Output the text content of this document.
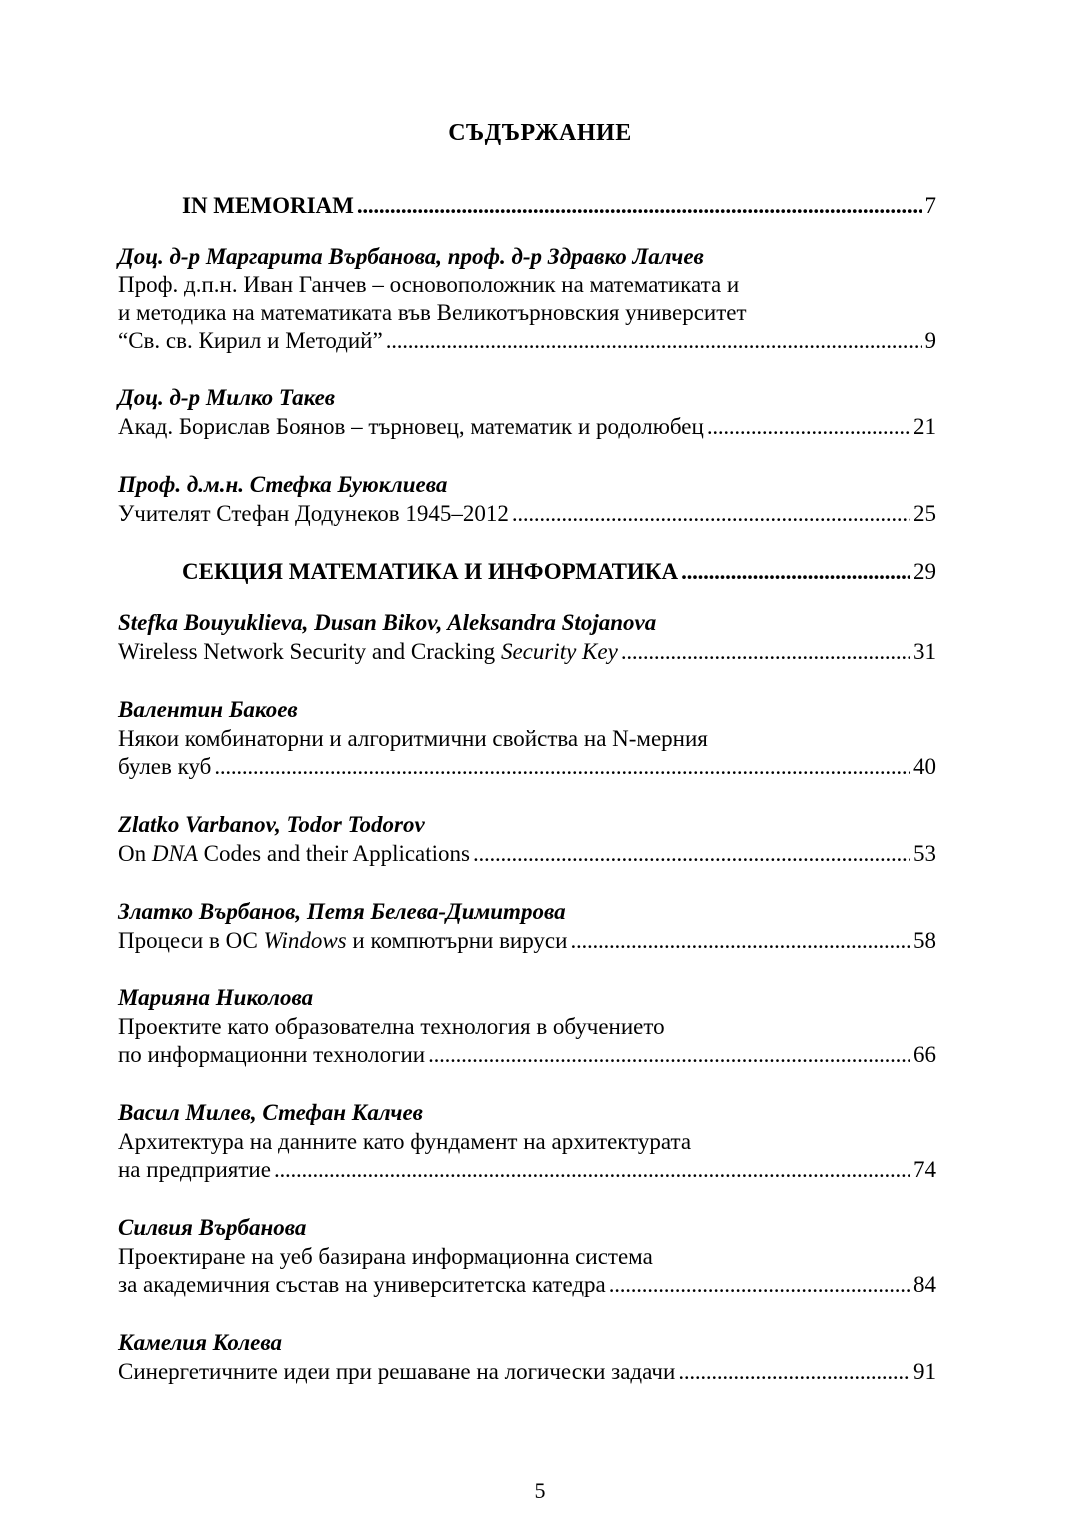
СЪДЪРЖАНИЕ
IN MEMORIAM . . .	7
Доц. д-р Маргарита Върбанова, проф. д-р Здравко Лалчев
Проф. д.п.н. Иван Ганчев – основоположник на математиката и
и методика на математиката във Великотърновския университет
“Св. св. Кирил и Методий” . . .	9
Доц. д-р Милко Такев
Акад. Борислав Боянов – търновец, математик и родолюбец . . .	21
Проф. д.м.н. Стефка Буюклиева
Учителят Стефан Додунеков 1945–2012 . . .	25
СЕКЦИЯ МАТЕМАТИКА И ИНФОРМАТИКА . . .	29
Stefka Bouyuklieva, Dusan Bikov, Aleksandra Stojanova
Wireless Network Security and Cracking Security Key . . .	31
Валентин Бакоев
Някои комбинаторни и алгоритмични свойства на N-мерния
булев куб . . .	40
Zlatko Varbanov, Todor Todorov
On DNA Codes and their Applications . . .	53
Златко Върбанов, Петя Белева-Димитрова
Процеси в ОС Windows и компютърни вируси . . .	58
Марияна Николова
Проектите като образователна технология в обучението
по информационни технологии . . .	66
Васил Милев, Стефан Калчев
Архитектура на данните като фундамент на архитектурата
на предприятие . . .	74
Силвия Върбанова
Проектиране на уеб базирана информационна система
за академичния състав на университетска катедра . . .	84
Камелия Колева
Синергетичните идеи при решаване на логически задачи . . .	91
5
